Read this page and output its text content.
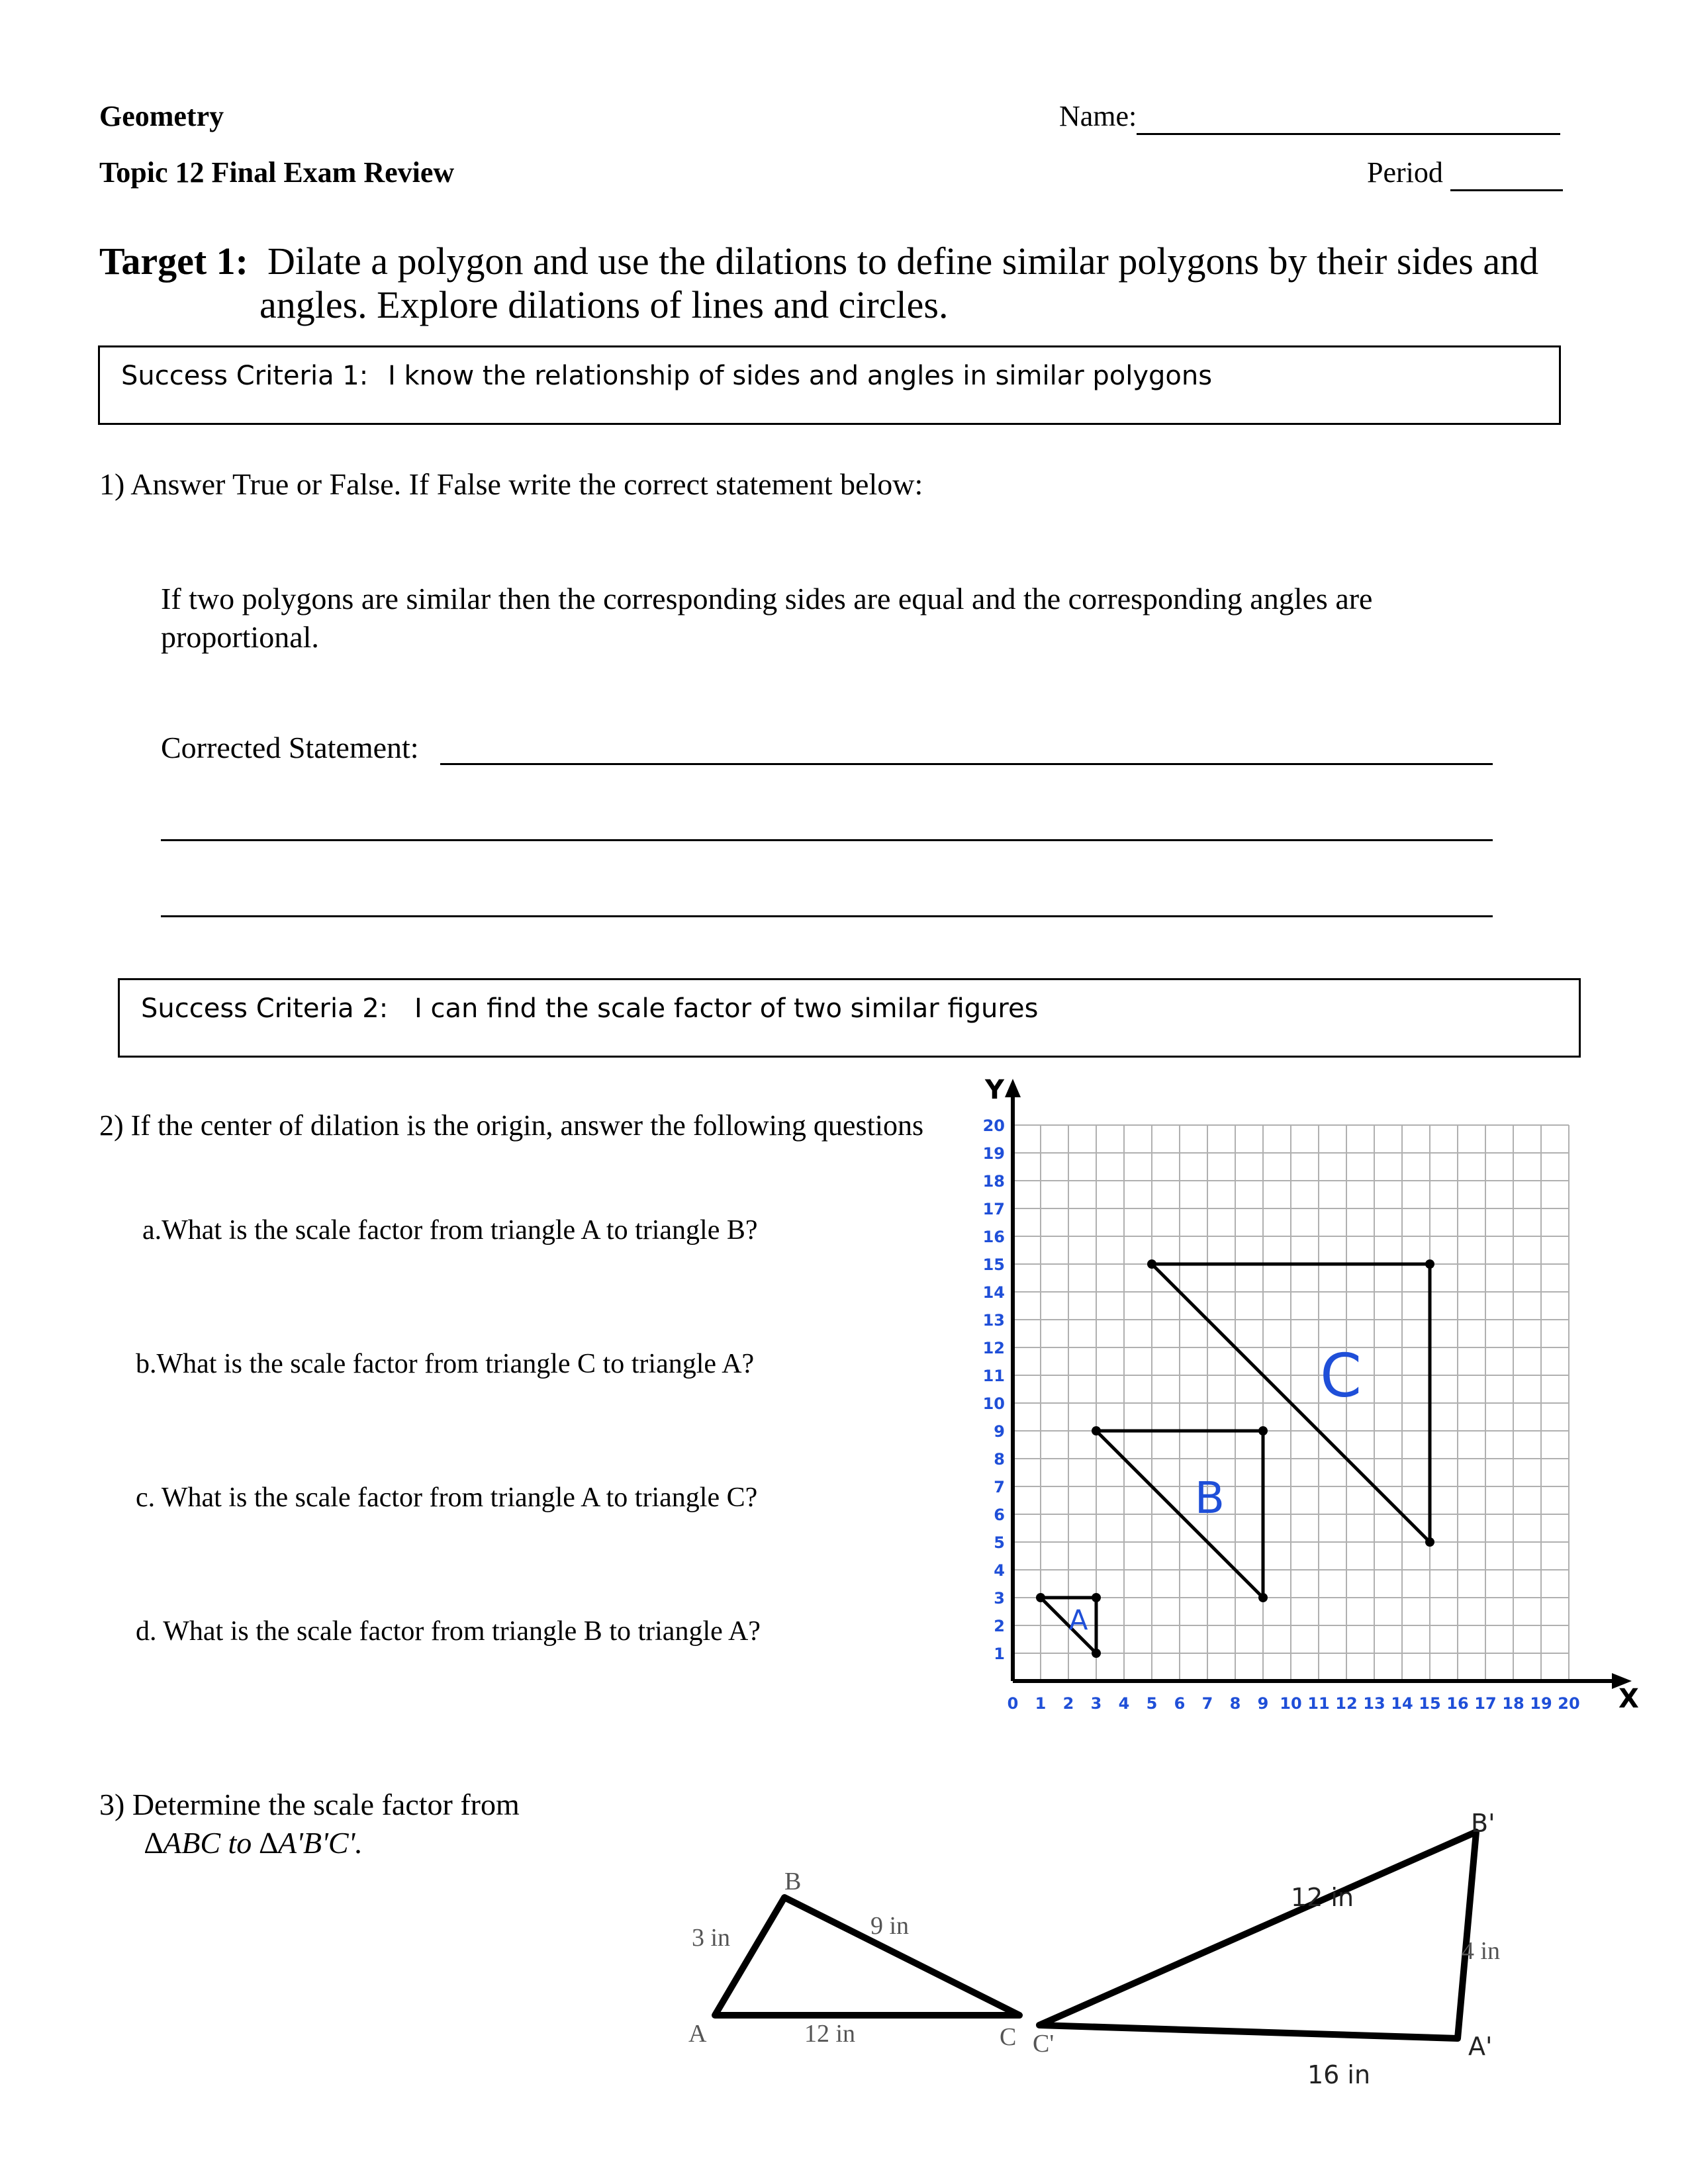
Geometry	Name:
Topic 12 Final Exam Review	Period
Target 1: Dilate a polygon and use the dilations to define similar polygons by their sides and
angles. Explore dilations of lines and circles.
Success Criteria 1: I know the relationship of sides and angles in similar polygons
1) Answer True or False. If False write the correct statement below:
If two polygons are similar then the corresponding sides are equal and the corresponding angles are proportional.
Corrected Statement:
Success Criteria 2: I can find the scale factor of two similar figures
2) If the center of dilation is the origin, answer the following questions
a.What is the scale factor from triangle A to triangle B?
b.What is the scale factor from triangle C to triangle A?
c. What is the scale factor from triangle A to triangle C?
d. What is the scale factor from triangle B to triangle A?
X
Y
0 1 2 3 4 5 6 7 8 9 10 11 12 13 14 15 16 17 18 19 20
1
2
3
4
5
6
7
8
9
10
11
12
13
14
15
16
17
18
19
20
A
B
C
3) Determine the scale factor from
∆ABC to ∆A'B'C'.
A
B
C
3 in	9 in
12 in
B'
A'
C'
12 in
4 in
16 in
